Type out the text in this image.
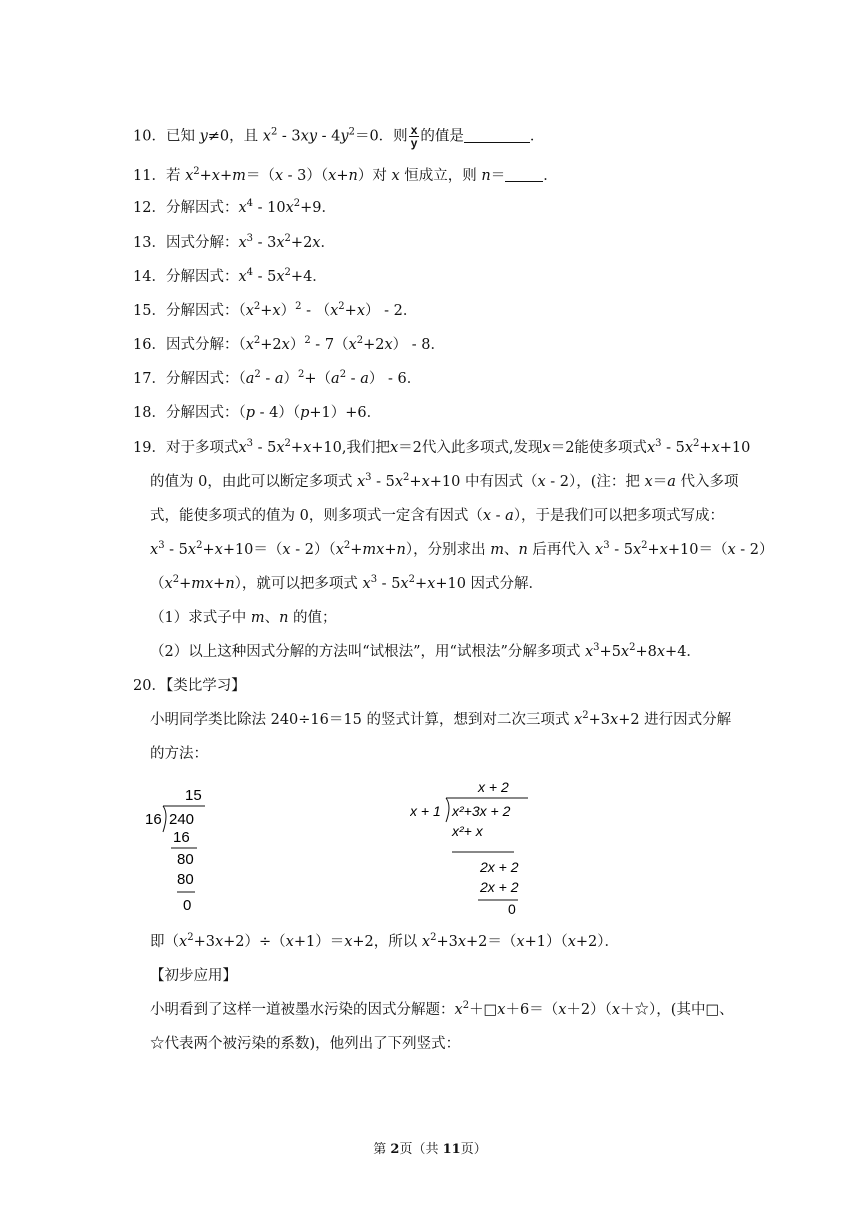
10．已知 y≠0，且 $x^2 - 3xy - 4y^2=0$．则 $\frac{x}{y}$ 的值是	．
11．若 $x^2+x+m=(x - 3)(x+n)$对 x 恒成立，则 n＝	．
12．分解因式：$x^4 - 10x^2+9$．
13．因式分解：$x^3 - 3x^2+2x$．
14．分解因式：$x^4 - 5x^2+4$．
15．分解因式：$(x^2+x)^2 - (x^2+x) - 2$．
16．因式分解：$(x^2+2x)^2 - 7(x^2+2x) - 8$．
17．分解因式：$(a^2 - a)^2+(a^2 - a) - 6$．
18．分解因式：（p - 4）（p+1）+6．
19．对于多项式$x^3 - 5x^2+x+10$,我们把x＝2代入此多项式,发现x＝2能使多项式$x^3 - 5x^2+x+10$
的值为 0，由此可以断定多项式 $x^3 - 5x^2+x+10$ 中有因式（x - 2），(注：把 x＝a 代入多项
式，能使多项式的值为 0，则多项式一定含有因式（x - a），于是我们可以把多项式写成：
$x^3 - 5x^2+x+10=(x - 2)(x^2+mx+n)$，分别求出 m、n 后再代入 $x^3 - 5x^2+x+10=(x - 2)$
$(x^2+mx+n)$，就可以把多项式 $x^3 - 5x^2+x+10$ 因式分解．
（1）求式子中 m、n 的值；
（2）以上这种因式分解的方法叫“试根法”，用“试根法”分解多项式 $x^3+5x^2+8x+4$．
20．【类比学习】
小明同学类比除法 240÷16＝15 的竖式计算，想到对二次三项式 $x^2+3x+2$ 进行因式分解
的方法：
15
16 240
16
80
80
0
x + 2
x + 1 x²+3x + 2
x²+ x
2x + 2
2x + 2
0
即$(x^2+3x+2)\div(x+1)=x+2$，所以 $x^2+3x+2=(x+1)(x+2)$．
【初步应用】
小明看到了这样一道被墨水污染的因式分解题：$x^2+□x+6=(x+2)(x+☆)$，(其中□、
☆代表两个被污染的系数)，他列出了下列竖式：
第 2页（共 11页）
